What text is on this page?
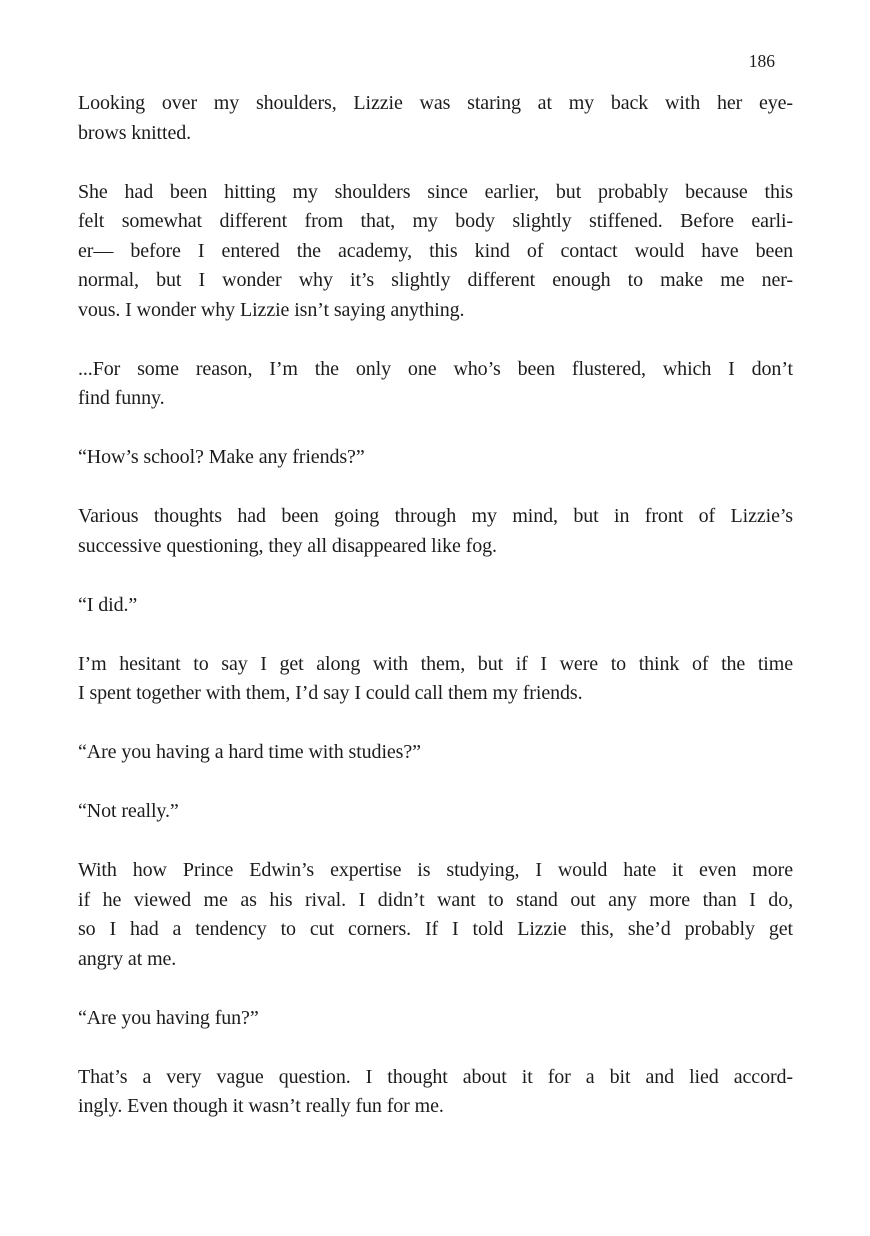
186
Looking over my shoulders, Lizzie was staring at my back with her eye-
brows knitted.
She had been hitting my shoulders since earlier, but probably because this
felt somewhat different from that, my body slightly stiffened. Before earli-
er— before I entered the academy, this kind of contact would have been
normal, but I wonder why it’s slightly different enough to make me ner-
vous. I wonder why Lizzie isn’t saying anything.
...For some reason, I’m the only one who’s been flustered, which I don’t
find funny.
“How’s school? Make any friends?”
Various thoughts had been going through my mind, but in front of Lizzie’s
successive questioning, they all disappeared like fog.
“I did.”
I’m hesitant to say I get along with them, but if I were to think of the time
I spent together with them, I’d say I could call them my friends.
“Are you having a hard time with studies?”
“Not really.”
With how Prince Edwin’s expertise is studying, I would hate it even more
if he viewed me as his rival. I didn’t want to stand out any more than I do,
so I had a tendency to cut corners. If I told Lizzie this, she’d probably get
angry at me.
“Are you having fun?”
That’s a very vague question. I thought about it for a bit and lied accord-
ingly. Even though it wasn’t really fun for me.
